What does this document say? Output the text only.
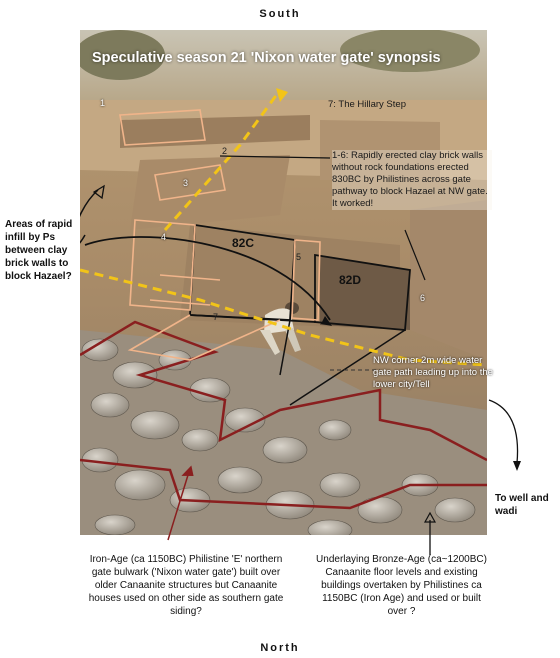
South
North
Speculative season 21 'Nixon water gate' synopsis
7: The Hillary Step
1-6: Rapidly erected clay brick walls without rock foundations erected 830BC by Philistines across gate pathway to block Hazael at NW gate. It worked!
1
2
3
4
5
6
7
82C
82D
NW corner 2m wide water gate path leading up into the lower city/Tell
Areas of rapid infill by Ps between clay brick walls to block Hazael?
To well and wadi
Iron-Age (ca 1150BC) Philistine 'E' northern gate bulwark ('Nixon water gate') built over older Canaanite structures but Canaanite houses used on other side as southern gate siding?
Underlaying Bronze-Age (ca~1200BC) Canaanite floor levels and existing buildings overtaken by Philistines ca 1150BC (Iron Age) and used or built over ?
